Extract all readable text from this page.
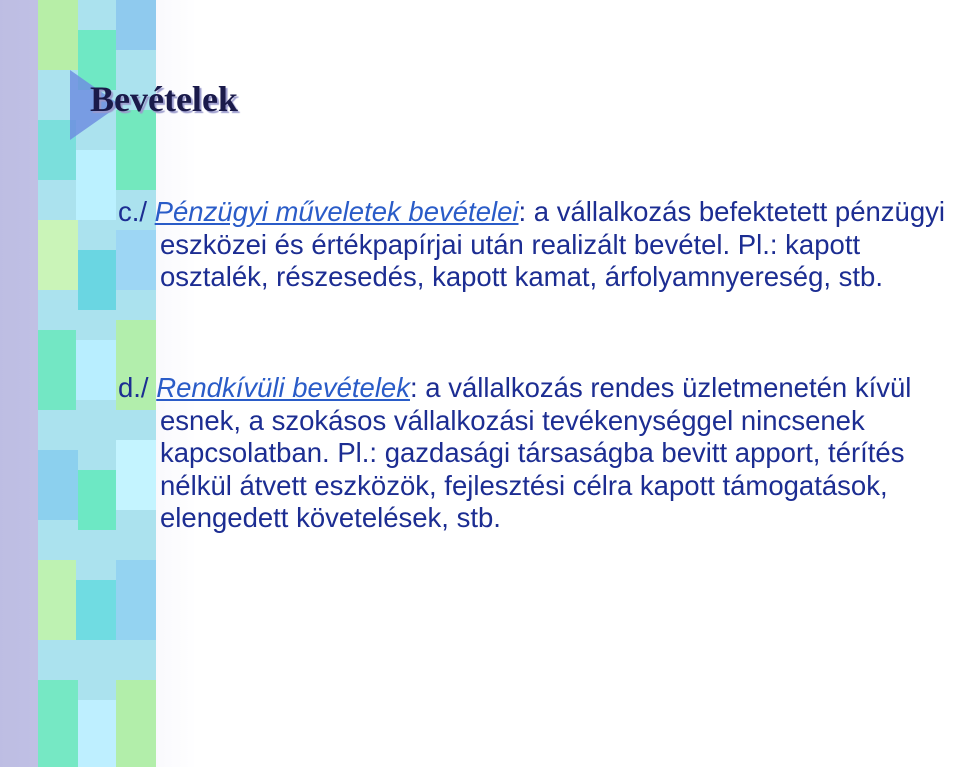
Bevételek

c./ Pénzügyi műveletek bevételei: a vállalkozás befektetett pénzügyi eszközei és értékpapírjai után realizált bevétel. Pl.: kapott osztalék, részesedés, kapott kamat, árfolyamnyereség, stb.

d./ Rendkívüli bevételek: a vállalkozás rendes üzletmenetén kívül esnek, a szokásos vállalkozási tevékenységgel nincsenek kapcsolatban. Pl.: gazdasági társaságba bevitt apport, térítés nélkül átvett eszközök, fejlesztési célra kapott támogatások, elengedett követelések, stb.
